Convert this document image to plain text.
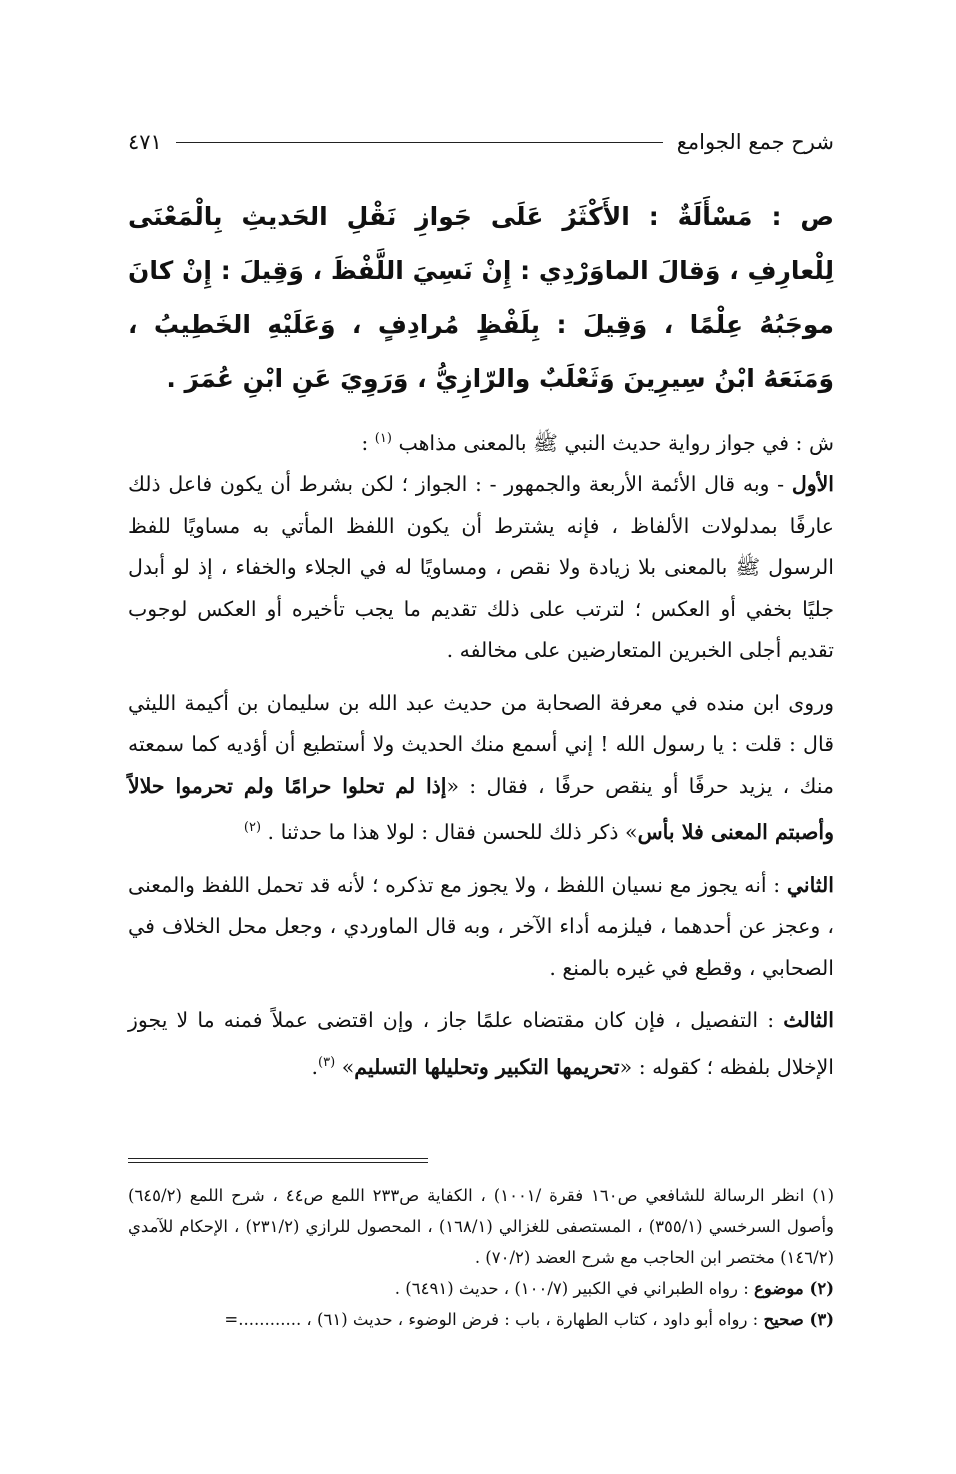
شرح جمع الجوامع
٤٧١
ص : مَسْأَلَةٌ : الأَكْثَرُ عَلَى جَوازِ نَقْلِ الحَديثِ بِالْمَعْنَى لِلْعارِفِ ، وَقالَ الماوَرْدِي : إِنْ نَسِيَ اللَّفْظَ ، وَقِيلَ : إِنْ كانَ موجَبُهُ عِلْمًا ، وَقِيلَ : بِلَفْظٍ مُرادِفٍ ، وَعَلَيْهِ الخَطِيبُ ، وَمَنَعَهُ ابْنُ سِيرِينَ وَثَعْلَبٌ والرّازِيُّ ، وَرَوِيَ عَنِ ابْنِ عُمَرَ .

ش : في جواز رواية حديث النبي ﷺ بالمعنى مذاهب $^{(١)}$ :

الأول - وبه قال الأئمة الأربعة والجمهور - : الجواز ؛ لكن بشرط أن يكون فاعل ذلك عارفًا بمدلولات الألفاظ ، فإنه يشترط أن يكون اللفظ المأتي به مساويًا للفظ الرسول ﷺ بالمعنى بلا زيادة ولا نقص ، ومساويًا له في الجلاء والخفاء ، إذ لو أبدل جليًا بخفي أو العكس ؛ لترتب على ذلك تقديم ما يجب تأخيره أو العكس لوجوب تقديم أجلى الخبرين المتعارضين على مخالفه .

وروى ابن منده في معرفة الصحابة من حديث عبد الله بن سليمان بن أكيمة الليثي قال : قلت : يا رسول الله ! إني أسمع منك الحديث ولا أستطيع أن أؤديه كما سمعته منك ، يزيد حرفًا أو ينقص حرفًا ، فقال : «إذا لم تحلوا حرامًا ولم تحرموا حلالاً وأصبتم المعنى فلا بأس» ذكر ذلك للحسن فقال : لولا هذا ما حدثنا . $^{(٢)}$

الثاني : أنه يجوز مع نسيان اللفظ ، ولا يجوز مع تذكره ؛ لأنه قد تحمل اللفظ والمعنى ، وعجز عن أحدهما ، فيلزمه أداء الآخر ، وبه قال الماوردي ، وجعل محل الخلاف في الصحابي ، وقطع في غيره بالمنع .

الثالث : التفصيل ، فإن كان مقتضاه علمًا جاز ، وإن اقتضى عملاً فمنه ما لا يجوز الإخلال بلفظه ؛ كقوله : «تحريمها التكبير وتحليلها التسليم» $^{(٣)}$.

(١) انظر الرسالة للشافعي ص١٦٠ فقرة /١٠٠١) ، الكفاية ص٢٣٣ اللمع ص٤٤ ، شرح اللمع (٦٤٥/٢) وأصول السرخسي (٣٥٥/١) ، المستصفى للغزالي (١٦٨/١) ، المحصول للرازي (٢٣١/٢) ، الإحكام للآمدي (١٤٦/٢) مختصر ابن الحاجب مع شرح العضد (٧٠/٢) .

(٢) موضوع : رواه الطبراني في الكبير (١٠٠/٧) ، حديث (٦٤٩١) .

(٣) صحيح : رواه أبو داود ، كتاب الطهارة ، باب : فرض الوضوء ، حديث (٦١) ، ............=
